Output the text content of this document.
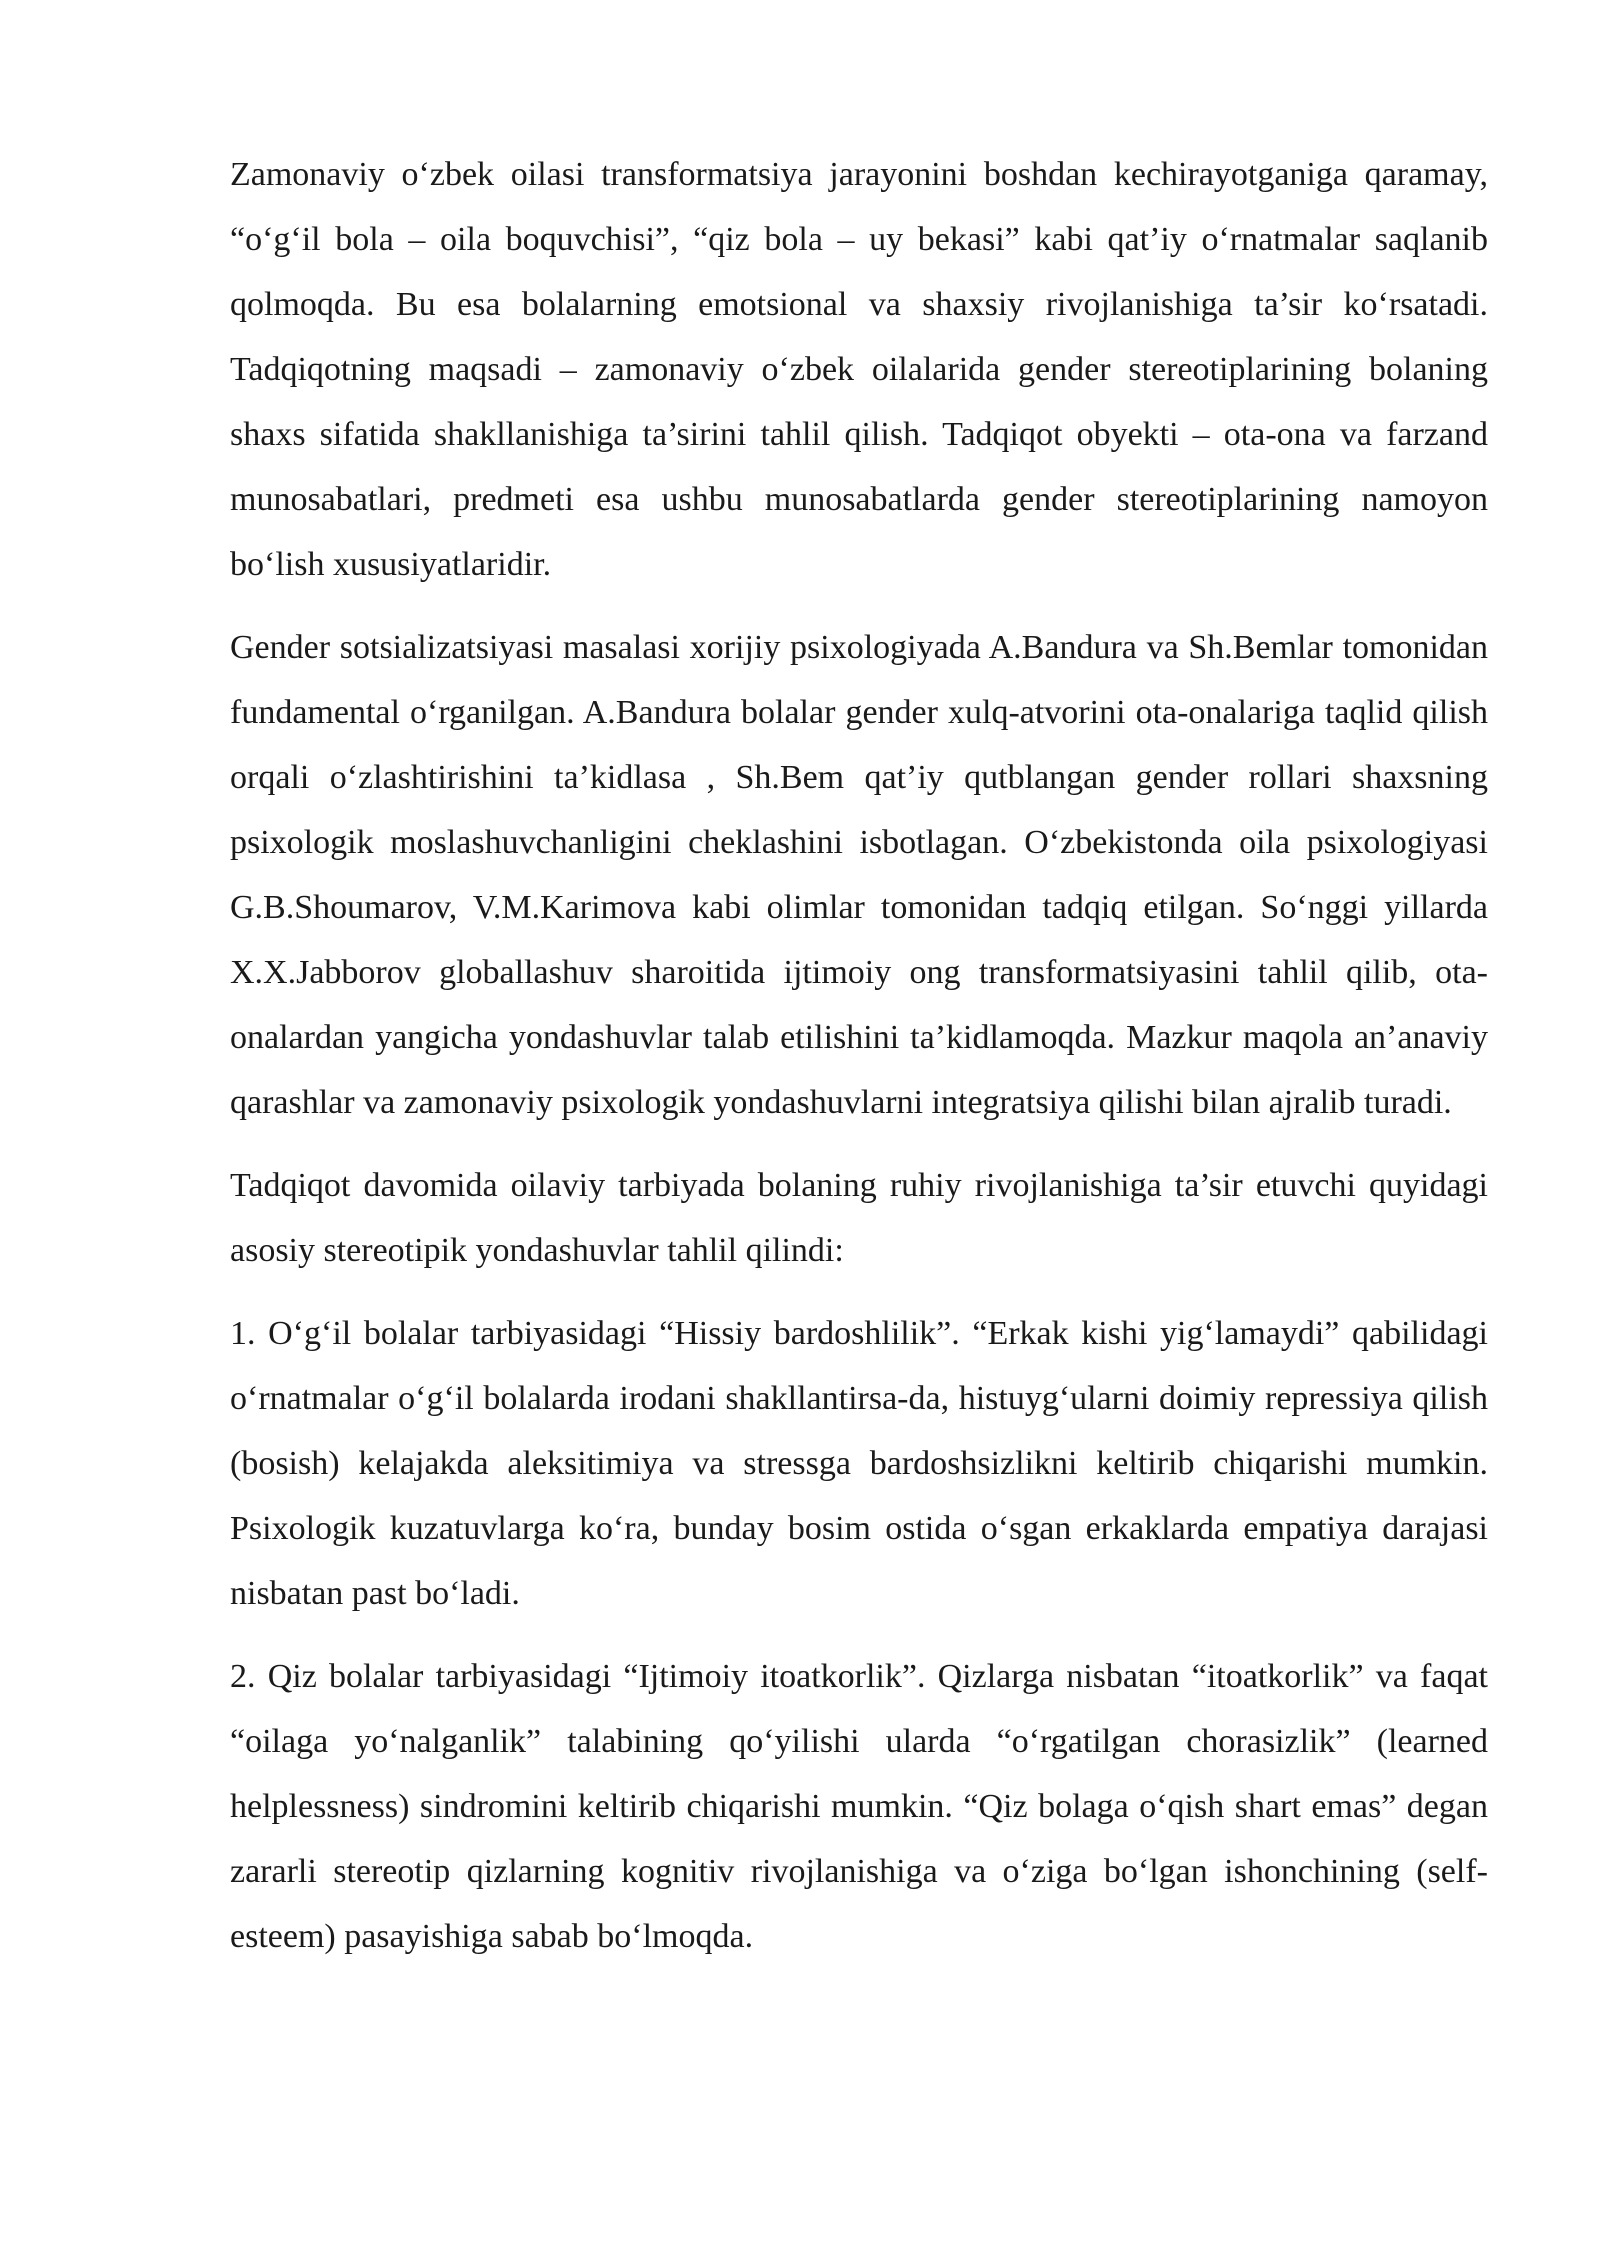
Zamonaviy o‘zbek oilasi transformatsiya jarayonini boshdan kechirayotganiga qaramay, “o‘g‘il bola – oila boquvchisi”, “qiz bola – uy bekasi” kabi qat’iy o‘rnatmalar saqlanib qolmoqda. Bu esa bolalarning emotsional va shaxsiy rivojlanishiga ta’sir ko‘rsatadi. Tadqiqotning maqsadi – zamonaviy o‘zbek oilalarida gender stereotiplarining bolaning shaxs sifatida shakllanishiga ta’sirini tahlil qilish. Tadqiqot obyekti – ota-ona va farzand munosabatlari, predmeti esa ushbu munosabatlarda gender stereotiplarining namoyon bo‘lish xususiyatlaridir.

Gender sotsializatsiyasi masalasi xorijiy psixologiyada A.Bandura va Sh.Bemlar tomonidan fundamental o‘rganilgan. A.Bandura bolalar gender xulq-atvorini ota-onalariga taqlid qilish orqali o‘zlashtirishini ta’kidlasa , Sh.Bem qat’iy qutblangan gender rollari shaxsning psixologik moslashuvchanligini cheklashini isbotlagan. O‘zbekistonda oila psixologiyasi G.B.Shoumarov, V.M.Karimova kabi olimlar tomonidan tadqiq etilgan. So‘nggi yillarda X.X.Jabborov globallashuv sharoitida ijtimoiy ong transformatsiyasini tahlil qilib, ota-onalardan yangicha yondashuvlar talab etilishini ta’kidlamoqda. Mazkur maqola an’anaviy qarashlar va zamonaviy psixologik yondashuvlarni integratsiya qilishi bilan ajralib turadi.

Tadqiqot davomida oilaviy tarbiyada bolaning ruhiy rivojlanishiga ta’sir etuvchi quyidagi asosiy stereotipik yondashuvlar tahlil qilindi:

1. O‘g‘il bolalar tarbiyasidagi “Hissiy bardoshlilik”. “Erkak kishi yig‘lamaydi” qabilidagi o‘rnatmalar o‘g‘il bolalarda irodani shakllantirsa-da, histuyg‘ularni doimiy repressiya qilish (bosish) kelajakda aleksitimiya va stressga bardoshsizlikni keltirib chiqarishi mumkin. Psixologik kuzatuvlarga ko‘ra, bunday bosim ostida o‘sgan erkaklarda empatiya darajasi nisbatan past bo‘ladi.

2. Qiz bolalar tarbiyasidagi “Ijtimoiy itoatkorlik”. Qizlarga nisbatan “itoatkorlik” va faqat “oilaga yo‘nalganlik” talabining qo‘yilishi ularda “o‘rgatilgan chorasizlik” (learned helplessness) sindromini keltirib chiqarishi mumkin. “Qiz bolaga o‘qish shart emas” degan zararli stereotip qizlarning kognitiv rivojlanishiga va o‘ziga bo‘lgan ishonchining (self-esteem) pasayishiga sabab bo‘lmoqda.
